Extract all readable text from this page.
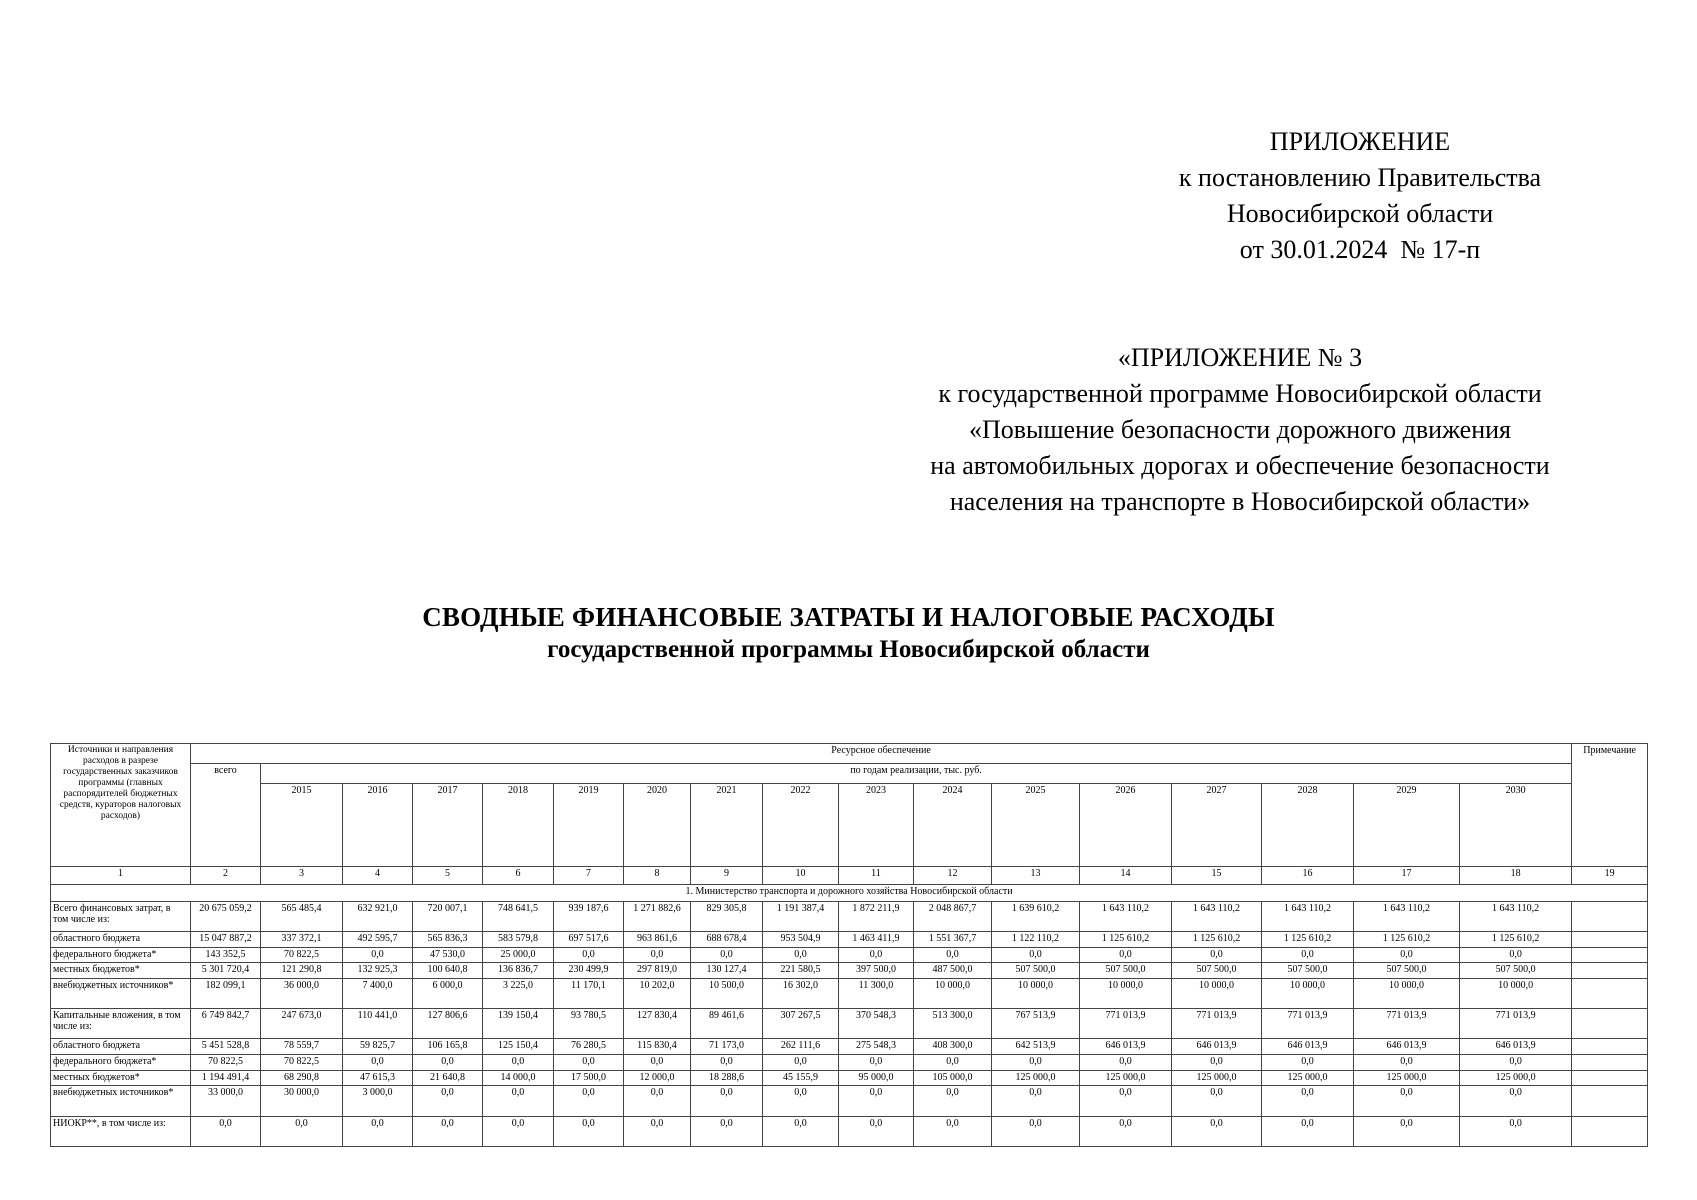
ПРИЛОЖЕНИЕ
к постановлению Правительства
Новосибирской области
от 30.01.2024  № 17-п
«ПРИЛОЖЕНИЕ № 3
к государственной программе Новосибирской области
«Повышение безопасности дорожного движения
на автомобильных дорогах и обеспечение безопасности
населения на транспорте в Новосибирской области»
СВОДНЫЕ ФИНАНСОВЫЕ ЗАТРАТЫ И НАЛОГОВЫЕ РАСХОДЫ
государственной программы Новосибирской области
Источники и направления расходов в разрезе государственных заказчиков программы (главных распорядителей бюджетных средств, кураторов налоговых расходов)	Ресурсное обеспечение																	Примечание
	всего	по годам реализации, тыс. руб.																
		2015	2016	2017	2018	2019	2020	2021	2022	2023	2024	2025	2026	2027	2028	2029	2030	
1	2	3	4	5	6	7	8	9	10	11	12	13	14	15	16	17	18	19
1. Министерство транспорта и дорожного хозяйства Новосибирской области																		
Всего финансовых затрат, в том числе из:	20 675 059,2	565 485,4	632 921,0	720 007,1	748 641,5	939 187,6	1 271 882,6	829 305,8	1 191 387,4	1 872 211,9	2 048 867,7	1 639 610,2	1 643 110,2	1 643 110,2	1 643 110,2	1 643 110,2	1 643 110,2	
областного бюджета	15 047 887,2	337 372,1	492 595,7	565 836,3	583 579,8	697 517,6	963 861,6	688 678,4	953 504,9	1 463 411,9	1 551 367,7	1 122 110,2	1 125 610,2	1 125 610,2	1 125 610,2	1 125 610,2	1 125 610,2	
федерального бюджета*	143 352,5	70 822,5	0,0	47 530,0	25 000,0	0,0	0,0	0,0	0,0	0,0	0,0	0,0	0,0	0,0	0,0	0,0	0,0	
местных бюджетов*	5 301 720,4	121 290,8	132 925,3	100 640,8	136 836,7	230 499,9	297 819,0	130 127,4	221 580,5	397 500,0	487 500,0	507 500,0	507 500,0	507 500,0	507 500,0	507 500,0	507 500,0	
внебюджетных источников*	182 099,1	36 000,0	7 400,0	6 000,0	3 225,0	11 170,1	10 202,0	10 500,0	16 302,0	11 300,0	10 000,0	10 000,0	10 000,0	10 000,0	10 000,0	10 000,0	10 000,0	
Капитальные вложения, в том числе из:	6 749 842,7	247 673,0	110 441,0	127 806,6	139 150,4	93 780,5	127 830,4	89 461,6	307 267,5	370 548,3	513 300,0	767 513,9	771 013,9	771 013,9	771 013,9	771 013,9	771 013,9	
областного бюджета	5 451 528,8	78 559,7	59 825,7	106 165,8	125 150,4	76 280,5	115 830,4	71 173,0	262 111,6	275 548,3	408 300,0	642 513,9	646 013,9	646 013,9	646 013,9	646 013,9	646 013,9	
федерального бюджета*	70 822,5	70 822,5	0,0	0,0	0,0	0,0	0,0	0,0	0,0	0,0	0,0	0,0	0,0	0,0	0,0	0,0	0,0	
местных бюджетов*	1 194 491,4	68 290,8	47 615,3	21 640,8	14 000,0	17 500,0	12 000,0	18 288,6	45 155,9	95 000,0	105 000,0	125 000,0	125 000,0	125 000,0	125 000,0	125 000,0	125 000,0	
внебюджетных источников*	33 000,0	30 000,0	3 000,0	0,0	0,0	0,0	0,0	0,0	0,0	0,0	0,0	0,0	0,0	0,0	0,0	0,0	0,0	
НИОКР**, в том числе из:	0,0	0,0	0,0	0,0	0,0	0,0	0,0	0,0	0,0	0,0	0,0	0,0	0,0	0,0	0,0	0,0	0,0	
